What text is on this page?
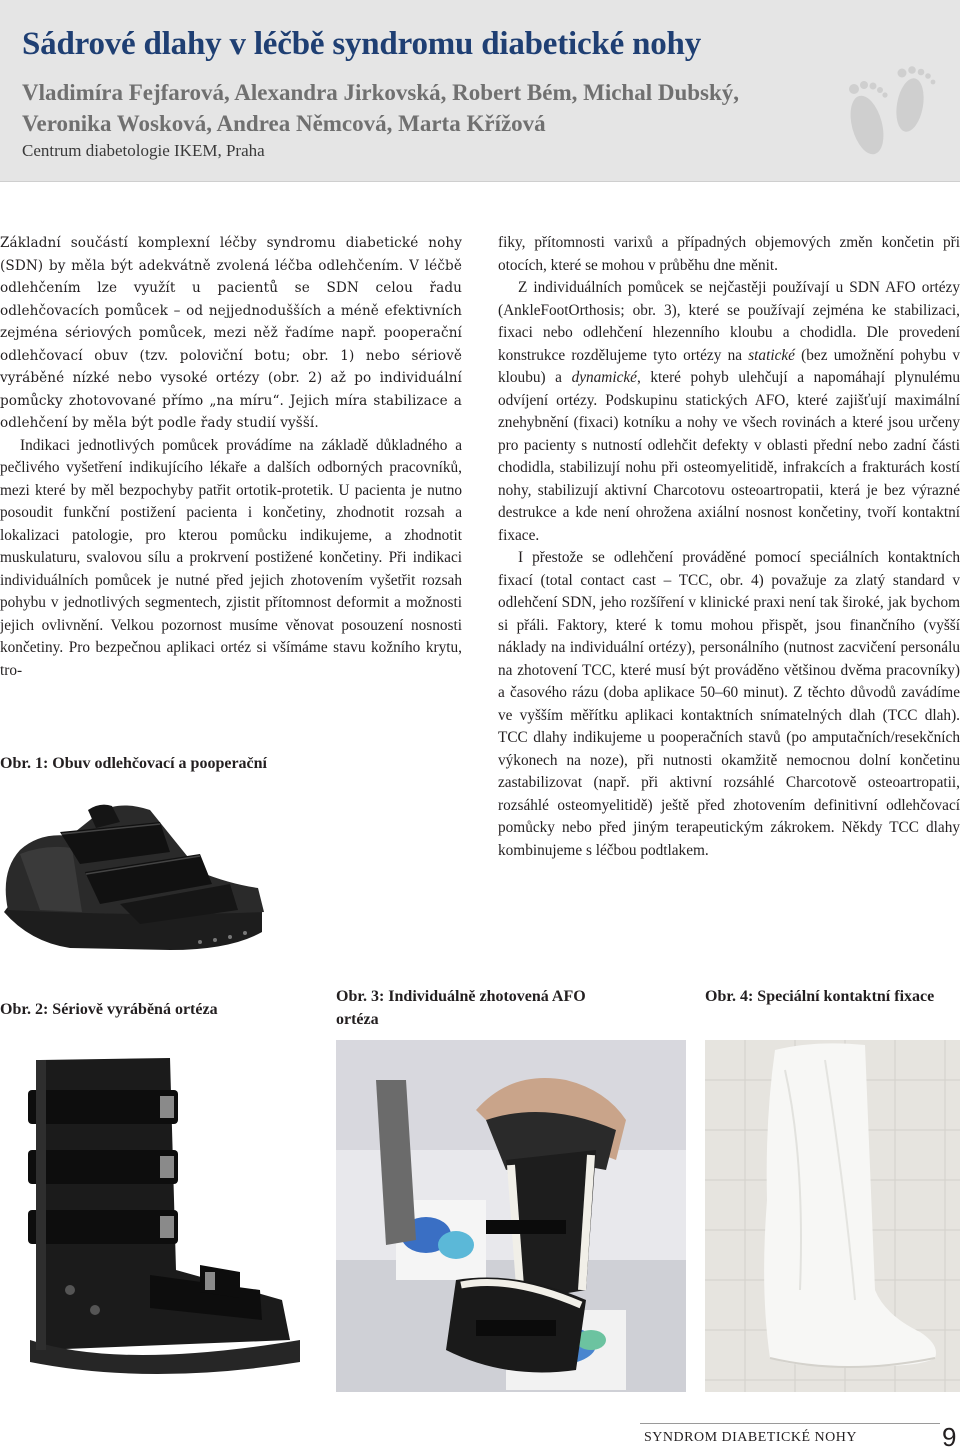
Sádrové dlahy v léčbě syndromu diabetické nohy
Vladimíra Fejfarová, Alexandra Jirkovská, Robert Bém, Michal Dubský,
Veronika Wosková, Andrea Němcová, Marta Křížová
Centrum diabetologie IKEM, Praha

Základní součástí komplexní léčby syndromu diabetické nohy (SDN) by měla být adekvátně zvolená léčba odlehčením. V léčbě odlehčením lze využít u pacientů se SDN celou řadu odlehčovacích pomůcek – od nejjednodušších a méně efektivních zejména sériových pomůcek, mezi něž řadíme např. pooperační odlehčovací obuv (tzv. poloviční botu; obr. 1) nebo sériově vyráběné nízké nebo vysoké ortézy (obr. 2) až po individuální pomůcky zhotovované přímo „na míru“. Jejich míra stabilizace a odlehčení by měla být podle řady studií vyšší.

Indikaci jednotlivých pomůcek provádíme na základě důkladného a pečlivého vyšetření indikujícího lékaře a dalších odborných pracovníků, mezi které by měl bezpochyby patřit ortotik-protetik. U pacienta je nutno posoudit funkční postižení pacienta i končetiny, zhodnotit rozsah a lokalizaci patologie, pro kterou pomůcku indikujeme, a zhodnotit muskulaturu, svalovou sílu a prokrvení postižené končetiny. Při indikaci individuálních pomůcek je nutné před jejich zhotovením vyšetřit rozsah pohybu v jednotlivých segmentech, zjistit přítomnost deformit a možnosti jejich ovlivnění. Velkou pozornost musíme věnovat posouzení nosnosti končetiny. Pro bezpečnou aplikaci ortéz si všímáme stavu kožního krytu, tro-

Obr. 1: Obuv odlehčovací a pooperační

fiky, přítomnosti varixů a případných objemových změn končetin při otocích, které se mohou v průběhu dne měnit.

Z individuálních pomůcek se nejčastěji používají u SDN AFO ortézy (AnkleFootOrthosis; obr. 3), které se používají zejména ke stabilizaci, fixaci nebo odlehčení hlezenního kloubu a chodidla. Dle provedení konstrukce rozdělujeme tyto ortézy na statické (bez umožnění pohybu v kloubu) a dynamické, které pohyb ulehčují a napomáhají plynulému odvíjení ortézy. Podskupinu statických AFO, které zajišťují maximální znehybnění (fixaci) kotníku a nohy ve všech rovinách a které jsou určeny pro pacienty s nutností odlehčit defekty v oblasti přední nebo zadní části chodidla, stabilizují nohu při osteomyelitidě, infrakcích a frakturách kostí nohy, stabilizují aktivní Charcotovu osteoartropatii, která je bez výrazné destrukce a kde není ohrožena axiální nosnost končetiny, tvoří kontaktní fixace.

I přestože se odlehčení prováděné pomocí speciálních kontaktních fixací (total contact cast – TCC, obr. 4) považuje za zlatý standard v odlehčení SDN, jeho rozšíření v klinické praxi není tak široké, jak bychom si přáli. Faktory, které k tomu mohou přispět, jsou finančního (vyšší náklady na individuální ortézy), personálního (nutnost zacvičení personálu na zhotovení TCC, které musí být prováděno většinou dvěma pracovníky) a časového rázu (doba aplikace 50–60 minut). Z těchto důvodů zavádíme ve vyšším měřítku aplikaci kontaktních snímatelných dlah (TCC dlah). TCC dlahy indikujeme u pooperačních stavů (po amputačních/resekčních výkonech na noze), při nutnosti okamžitě nemocnou dolní končetinu zastabilizovat (např. při aktivní rozsáhlé Charcotově osteoartropatii, rozsáhlé osteomyelitidě) ještě před zhotovením definitivní odlehčovací pomůcky nebo před jiným terapeutickým zákrokem. Někdy TCC dlahy kombinujeme s léčbou podtlakem.

Obr. 2: Sériově vyráběná ortéza
Obr. 3: Individuálně zhotovená AFO ortéza
Obr. 4: Speciální kontaktní fixace
SYNDROM DIABETICKÉ NOHY	9
